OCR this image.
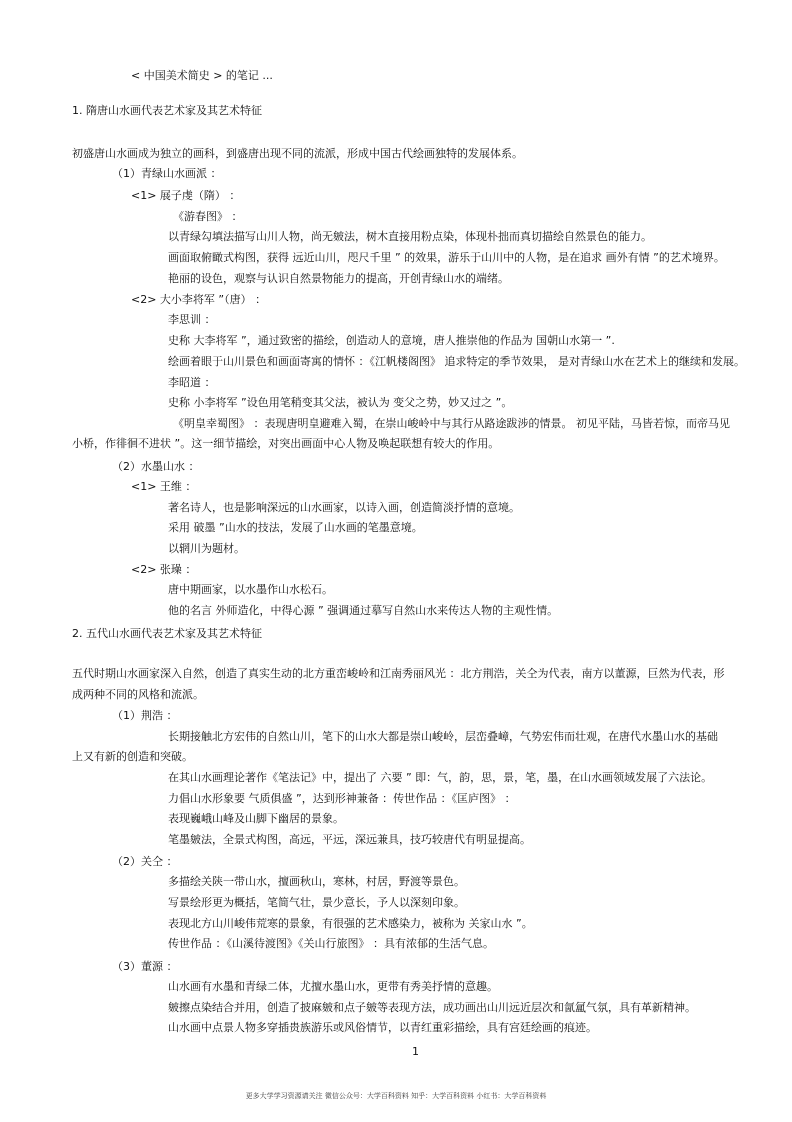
< 中国美术简史 > 的笔记 ...
1. 隋唐山水画代表艺术家及其艺术特征
初盛唐山水画成为独立的画科，到盛唐出现不同的流派，形成中国古代绘画独特的发展体系。
（1）青绿山水画派 ：
<1> 展子虔（隋） ：
《游春图》 ：
以青绿勾填法描写山川人物，尚无皴法，树木直接用粉点染，体现朴拙而真切描绘自然景色的能力。
画面取俯瞰式构图，获得 远近山川，咫尺千里 ” 的效果，游乐于山川中的人物，是在追求 画外有情 ”的艺术境界。
艳丽的设色，观察与认识自然景物能力的提高，开创青绿山水的端绪。
<2> 大小李将军 ”（唐） ：
李思训 ：
史称 大李将军 ”，通过致密的描绘，创造动人的意境，唐人推崇他的作品为 国朝山水第一 ”.
绘画着眼于山川景色和画面寄寓的情怀 ：《江帆楼阁图》 追求特定的季节效果， 是对青绿山水在艺术上的继续和发展。
李昭道 ：
史称 小李将军 ”设色用笔稍变其父法，被认为 变父之势，妙又过之 ”。
《明皇幸蜀图》 ：表现唐明皇避难入蜀，在崇山峻岭中与其行从路途跋涉的情景。 初见平陆，马皆若惊，而帝马见
小桥，作徘徊不进状 ”。这一细节描绘，对突出画面中心人物及唤起联想有较大的作用。
（2）水墨山水 ：
<1> 王维 ：
著名诗人，也是影响深远的山水画家，以诗入画，创造简淡抒情的意境。
采用 破墨 ”山水的技法，发展了山水画的笔墨意境。
以辋川为题材。
<2> 张璪 ：
唐中期画家，以水墨作山水松石。
他的名言 外师造化，中得心源 ” 强调通过摹写自然山水来传达人物的主观性情。
2. 五代山水画代表艺术家及其艺术特征
五代时期山水画家深入自然，创造了真实生动的北方重峦峻岭和江南秀丽风光 ：北方荆浩，关仝为代表，南方以董源，巨然为代表，形
成两种不同的风格和流派。
（1）荆浩 ：
长期接触北方宏伟的自然山川，笔下的山水大都是崇山峻岭，层峦叠嶂，气势宏伟而壮观，在唐代水墨山水的基础
上又有新的创造和突破。
在其山水画理论著作《笔法记》中，提出了 六要 ” 即：气，韵，思，景，笔，墨，在山水画领域发展了六法论。
力倡山水形象要 气质俱盛 ”，达到形神兼备 ：传世作品 ：《匡庐图》 ：
表现巍峨山峰及山脚下幽居的景象。
笔墨皴法，全景式构图，高远，平远，深远兼具，技巧较唐代有明显提高。
（2）关仝 ：
多描绘关陕一带山水，擅画秋山，寒林，村居，野渡等景色。
写景绘形更为概括，笔简气壮，景少意长，予人以深刻印象。
表现北方山川峻伟荒寒的景象，有很强的艺术感染力，被称为 关家山水 ”。
传世作品 ：《山溪待渡图》《关山行旅图》 ：具有浓郁的生活气息。
（3）董源 ：
山水画有水墨和青绿二体，尤擅水墨山水，更带有秀美抒情的意趣。
皴擦点染结合并用，创造了披麻皴和点子皴等表现方法，成功画出山川远近层次和氤氲气氛，具有革新精神。
山水画中点景人物多穿插贵族游乐或风俗情节，以青红重彩描绘，具有宫廷绘画的痕迹。
1
更多大学学习资源请关注 微信公众号：大学百科资料 知乎：大学百科资料 小红书：大学百科资料
